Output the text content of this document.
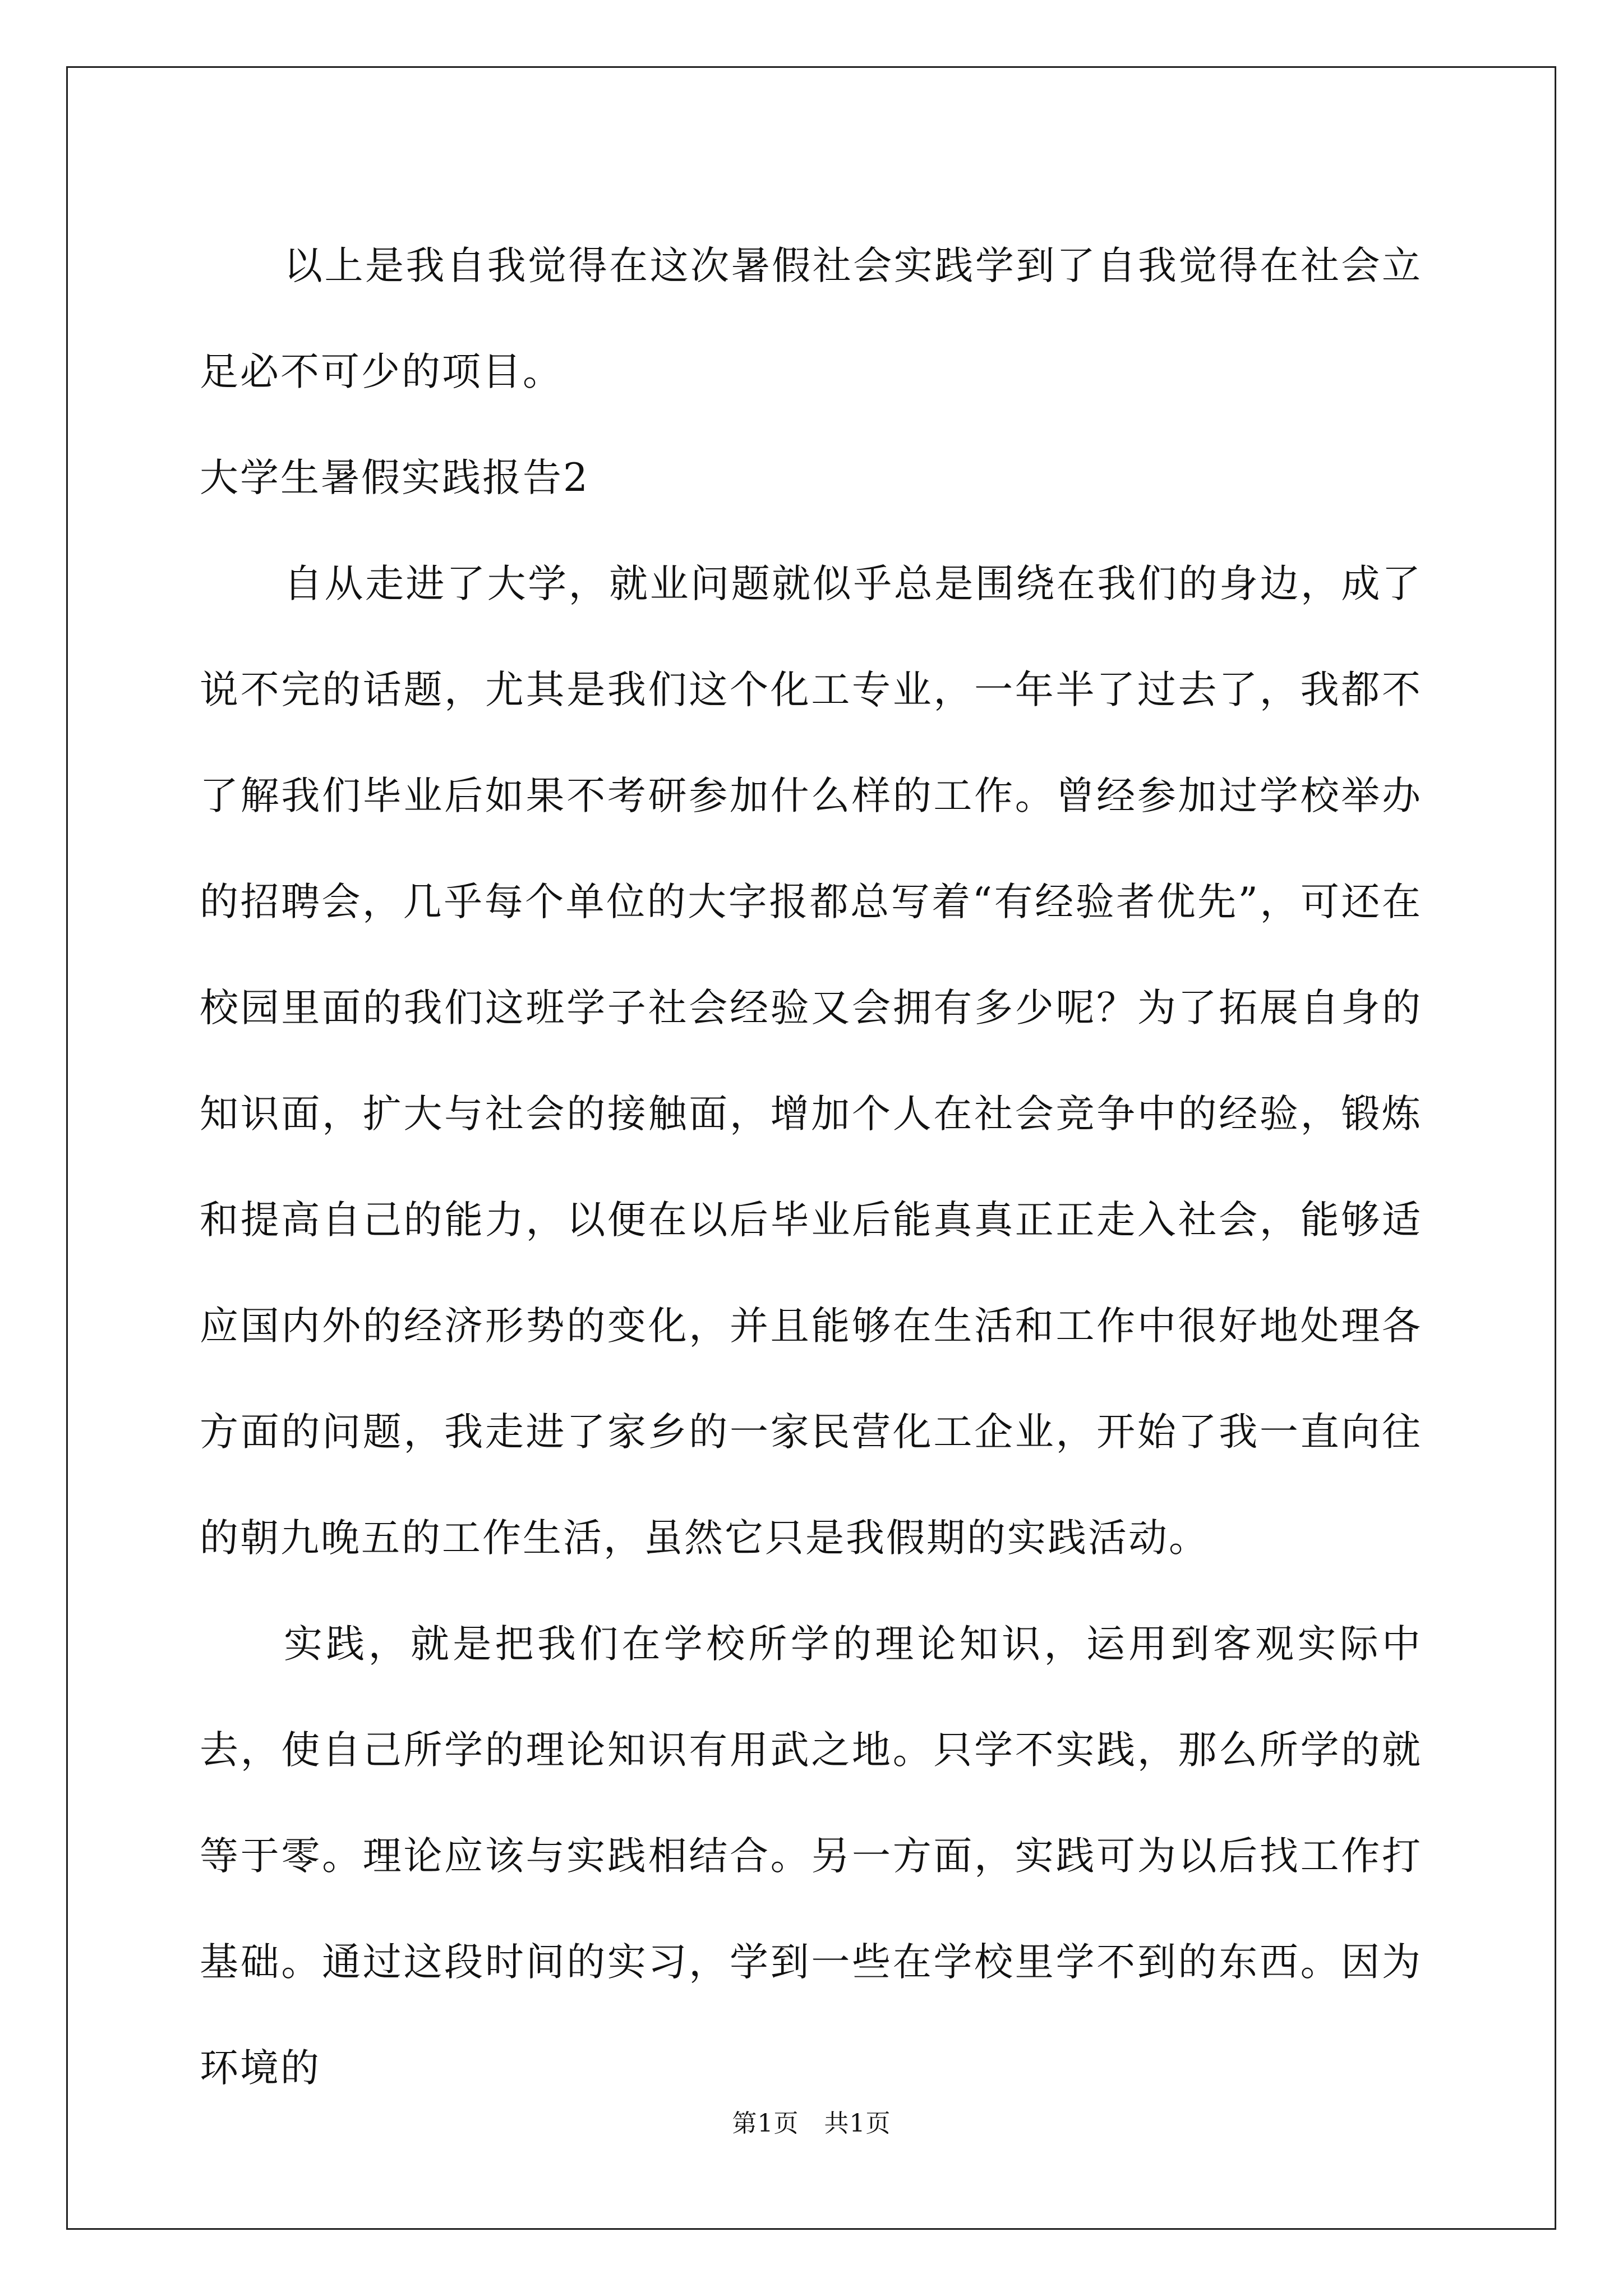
以上是我自我觉得在这次暑假社会实践学到了自我觉得在社会立足必不可少的项目。

大学生暑假实践报告2

自从走进了大学，就业问题就似乎总是围绕在我们的身边，成了说不完的话题，尤其是我们这个化工专业，一年半了过去了，我都不了解我们毕业后如果不考研参加什么样的工作。曾经参加过学校举办的招聘会，几乎每个单位的大字报都总写着“有经验者优先”，可还在校园里面的我们这班学子社会经验又会拥有多少呢？为了拓展自身的知识面，扩大与社会的接触面，增加个人在社会竞争中的经验，锻炼和提高自己的能力，以便在以后毕业后能真真正正走入社会，能够适应国内外的经济形势的变化，并且能够在生活和工作中很好地处理各方面的问题，我走进了家乡的一家民营化工企业，开始了我一直向往的朝九晚五的工作生活，虽然它只是我假期的实践活动。

实践，就是把我们在学校所学的理论知识，运用到客观实际中去，使自己所学的理论知识有用武之地。只学不实践，那么所学的就等于零。理论应该与实践相结合。另一方面，实践可为以后找工作打基础。通过这段时间的实习，学到一些在学校里学不到的东西。因为环境的

第1页 共1页
